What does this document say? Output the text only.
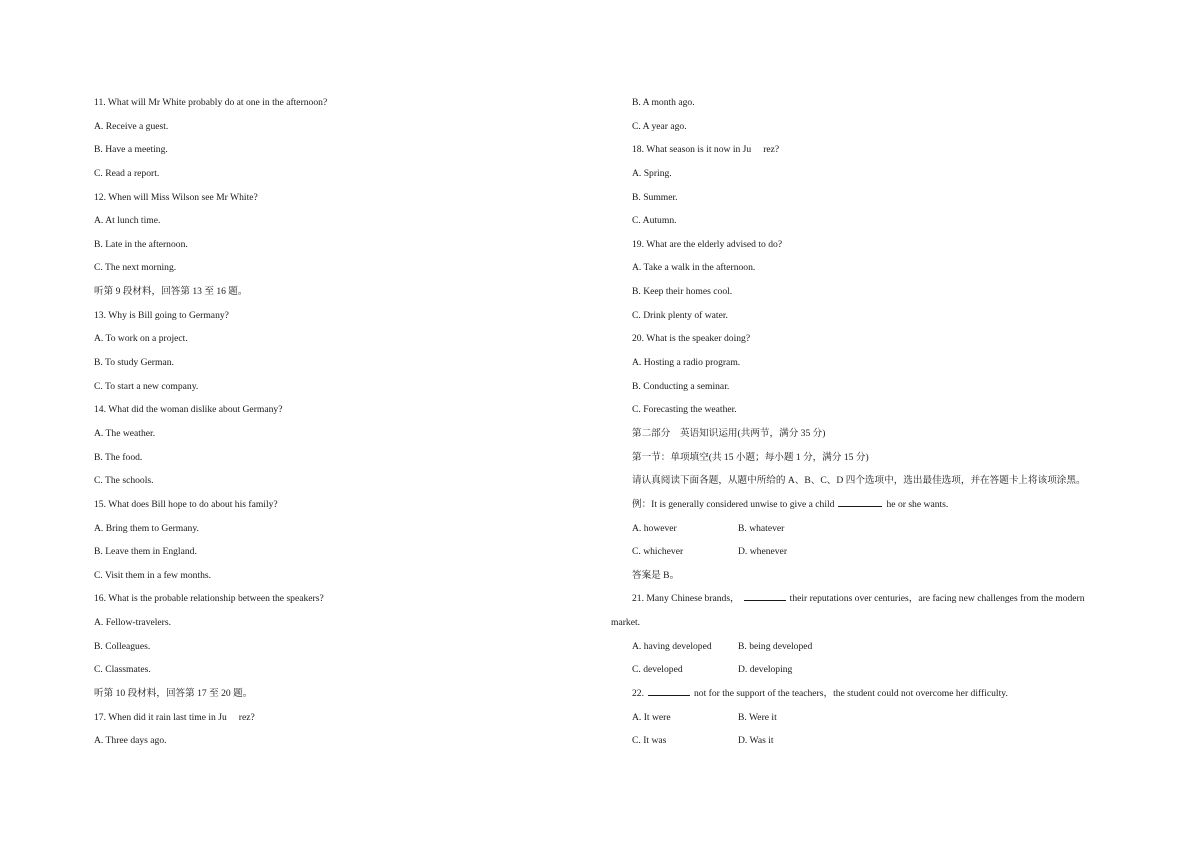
11. What will Mr White probably do at one in the afternoon?
A. Receive a guest.
B. Have a meeting.
C. Read a report.
12. When will Miss Wilson see Mr White?
A. At lunch time.
B. Late in the afternoon.
C. The next morning.
听第 9 段材料，回答第 13 至 16 题。
13. Why is Bill going to Germany?
A. To work on a project.
B. To study German.
C. To start a new company.
14. What did the woman dislike about Germany?
A. The weather.
B. The food.
C. The schools.
15. What does Bill hope to do about his family?
A. Bring them to Germany.
B. Leave them in England.
C. Visit them in a few months.
16. What is the probable relationship between the speakers?
A. Fellow-travelers.
B. Colleagues.
C. Classmates.
听第 10 段材料，回答第 17 至 20 题。
17. When did it rain last time in Ju rez?
A. Three days ago.
B. A month ago.
C. A year ago.
18. What season is it now in Ju rez?
A. Spring.
B. Summer.
C. Autumn.
19. What are the elderly advised to do?
A. Take a walk in the afternoon.
B. Keep their homes cool.
C. Drink plenty of water.
20. What is the speaker doing?
A. Hosting a radio program.
B. Conducting a seminar.
C. Forecasting the weather.
第二部分　英语知识运用(共两节，满分 35 分)
第一节：单项填空(共 15 小题；每小题 1 分，满分 15 分)
请认真阅读下面各题，从题中所给的 A、B、C、D 四个选项中，选出最佳选项，并在答题卡上将该项涂黑。
例：It is generally considered unwise to give a child	he or she wants.
A. however	B. whatever
C. whichever	D. whenever
答案是 B。
21. Many Chinese brands，	their reputations over centuries，are facing new challenges from the modern
market.
A. having developed	B. being developed
C. developed	D. developing
22.	not for the support of the teachers，the student could not overcome her difficulty.
A. It were	B. Were it
C. It was	D. Was it
